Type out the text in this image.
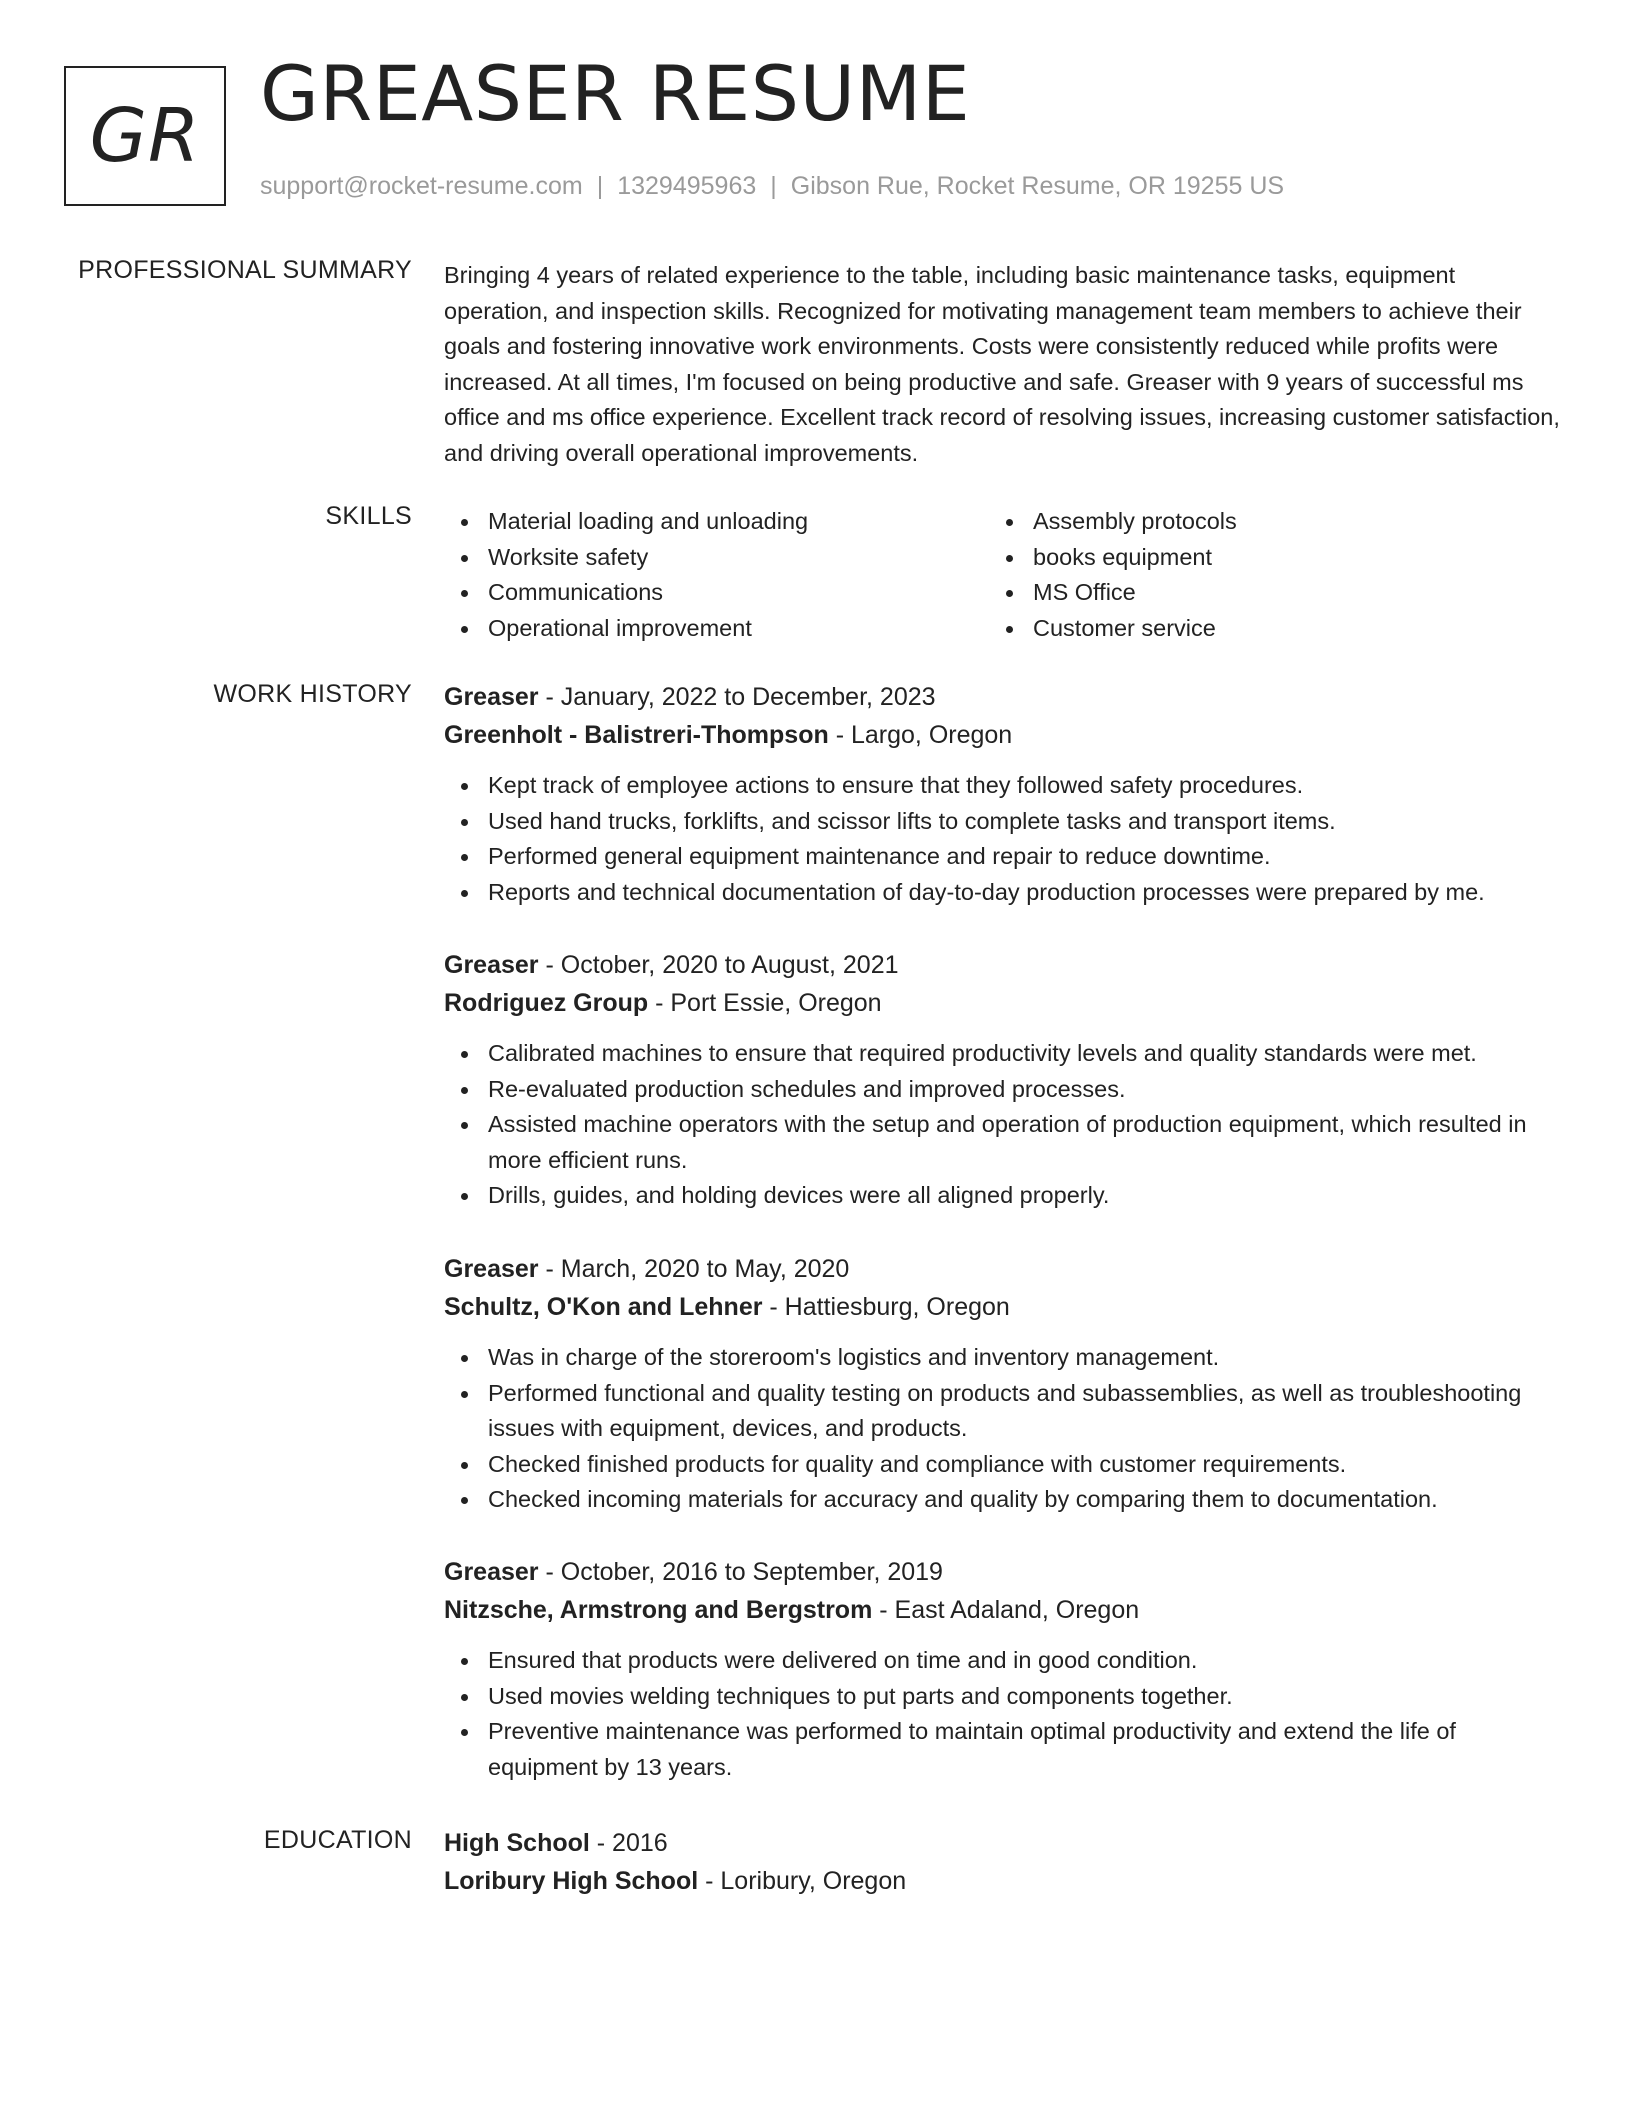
GR GREASER RESUME
support@rocket-resume.com | 1329495963 | Gibson Rue, Rocket Resume, OR 19255 US
PROFESSIONAL SUMMARY Bringing 4 years of related experience to the table, including basic maintenance tasks, equipment operation, and inspection skills. Recognized for motivating management team members to achieve their goals and fostering innovative work environments. Costs were consistently reduced while profits were increased. At all times, I'm focused on being productive and safe. Greaser with 9 years of successful ms office and ms office experience. Excellent track record of resolving issues, increasing customer satisfaction, and driving overall operational improvements.

SKILLS	Material loading and unloading
Worksite safety
Communications
Operational improvement
Assembly protocols
books equipment
MS Office
Customer service
WORK HISTORY Greaser - January, 2022 to December, 2023
Greenholt - Balistreri-Thompson - Largo, Oregon
Kept track of employee actions to ensure that they followed safety procedures.
Used hand trucks, forklifts, and scissor lifts to complete tasks and transport items.
Performed general equipment maintenance and repair to reduce downtime.
Reports and technical documentation of day-to-day production processes were prepared by me.
Greaser - October, 2020 to August, 2021
Rodriguez Group - Port Essie, Oregon
Calibrated machines to ensure that required productivity levels and quality standards were met.
Re-evaluated production schedules and improved processes.
Assisted machine operators with the setup and operation of production equipment, which resulted in more efficient runs.
Drills, guides, and holding devices were all aligned properly.
Greaser - March, 2020 to May, 2020
Schultz, O'Kon and Lehner - Hattiesburg, Oregon
Was in charge of the storeroom's logistics and inventory management.
Performed functional and quality testing on products and subassemblies, as well as troubleshooting issues with equipment, devices, and products.
Checked finished products for quality and compliance with customer requirements.
Checked incoming materials for accuracy and quality by comparing them to documentation.
Greaser - October, 2016 to September, 2019
Nitzsche, Armstrong and Bergstrom - East Adaland, Oregon
Ensured that products were delivered on time and in good condition.
Used movies welding techniques to put parts and components together.
Preventive maintenance was performed to maintain optimal productivity and extend the life of equipment by 13 years.
EDUCATION High School - 2016
Loribury High School - Loribury, Oregon
